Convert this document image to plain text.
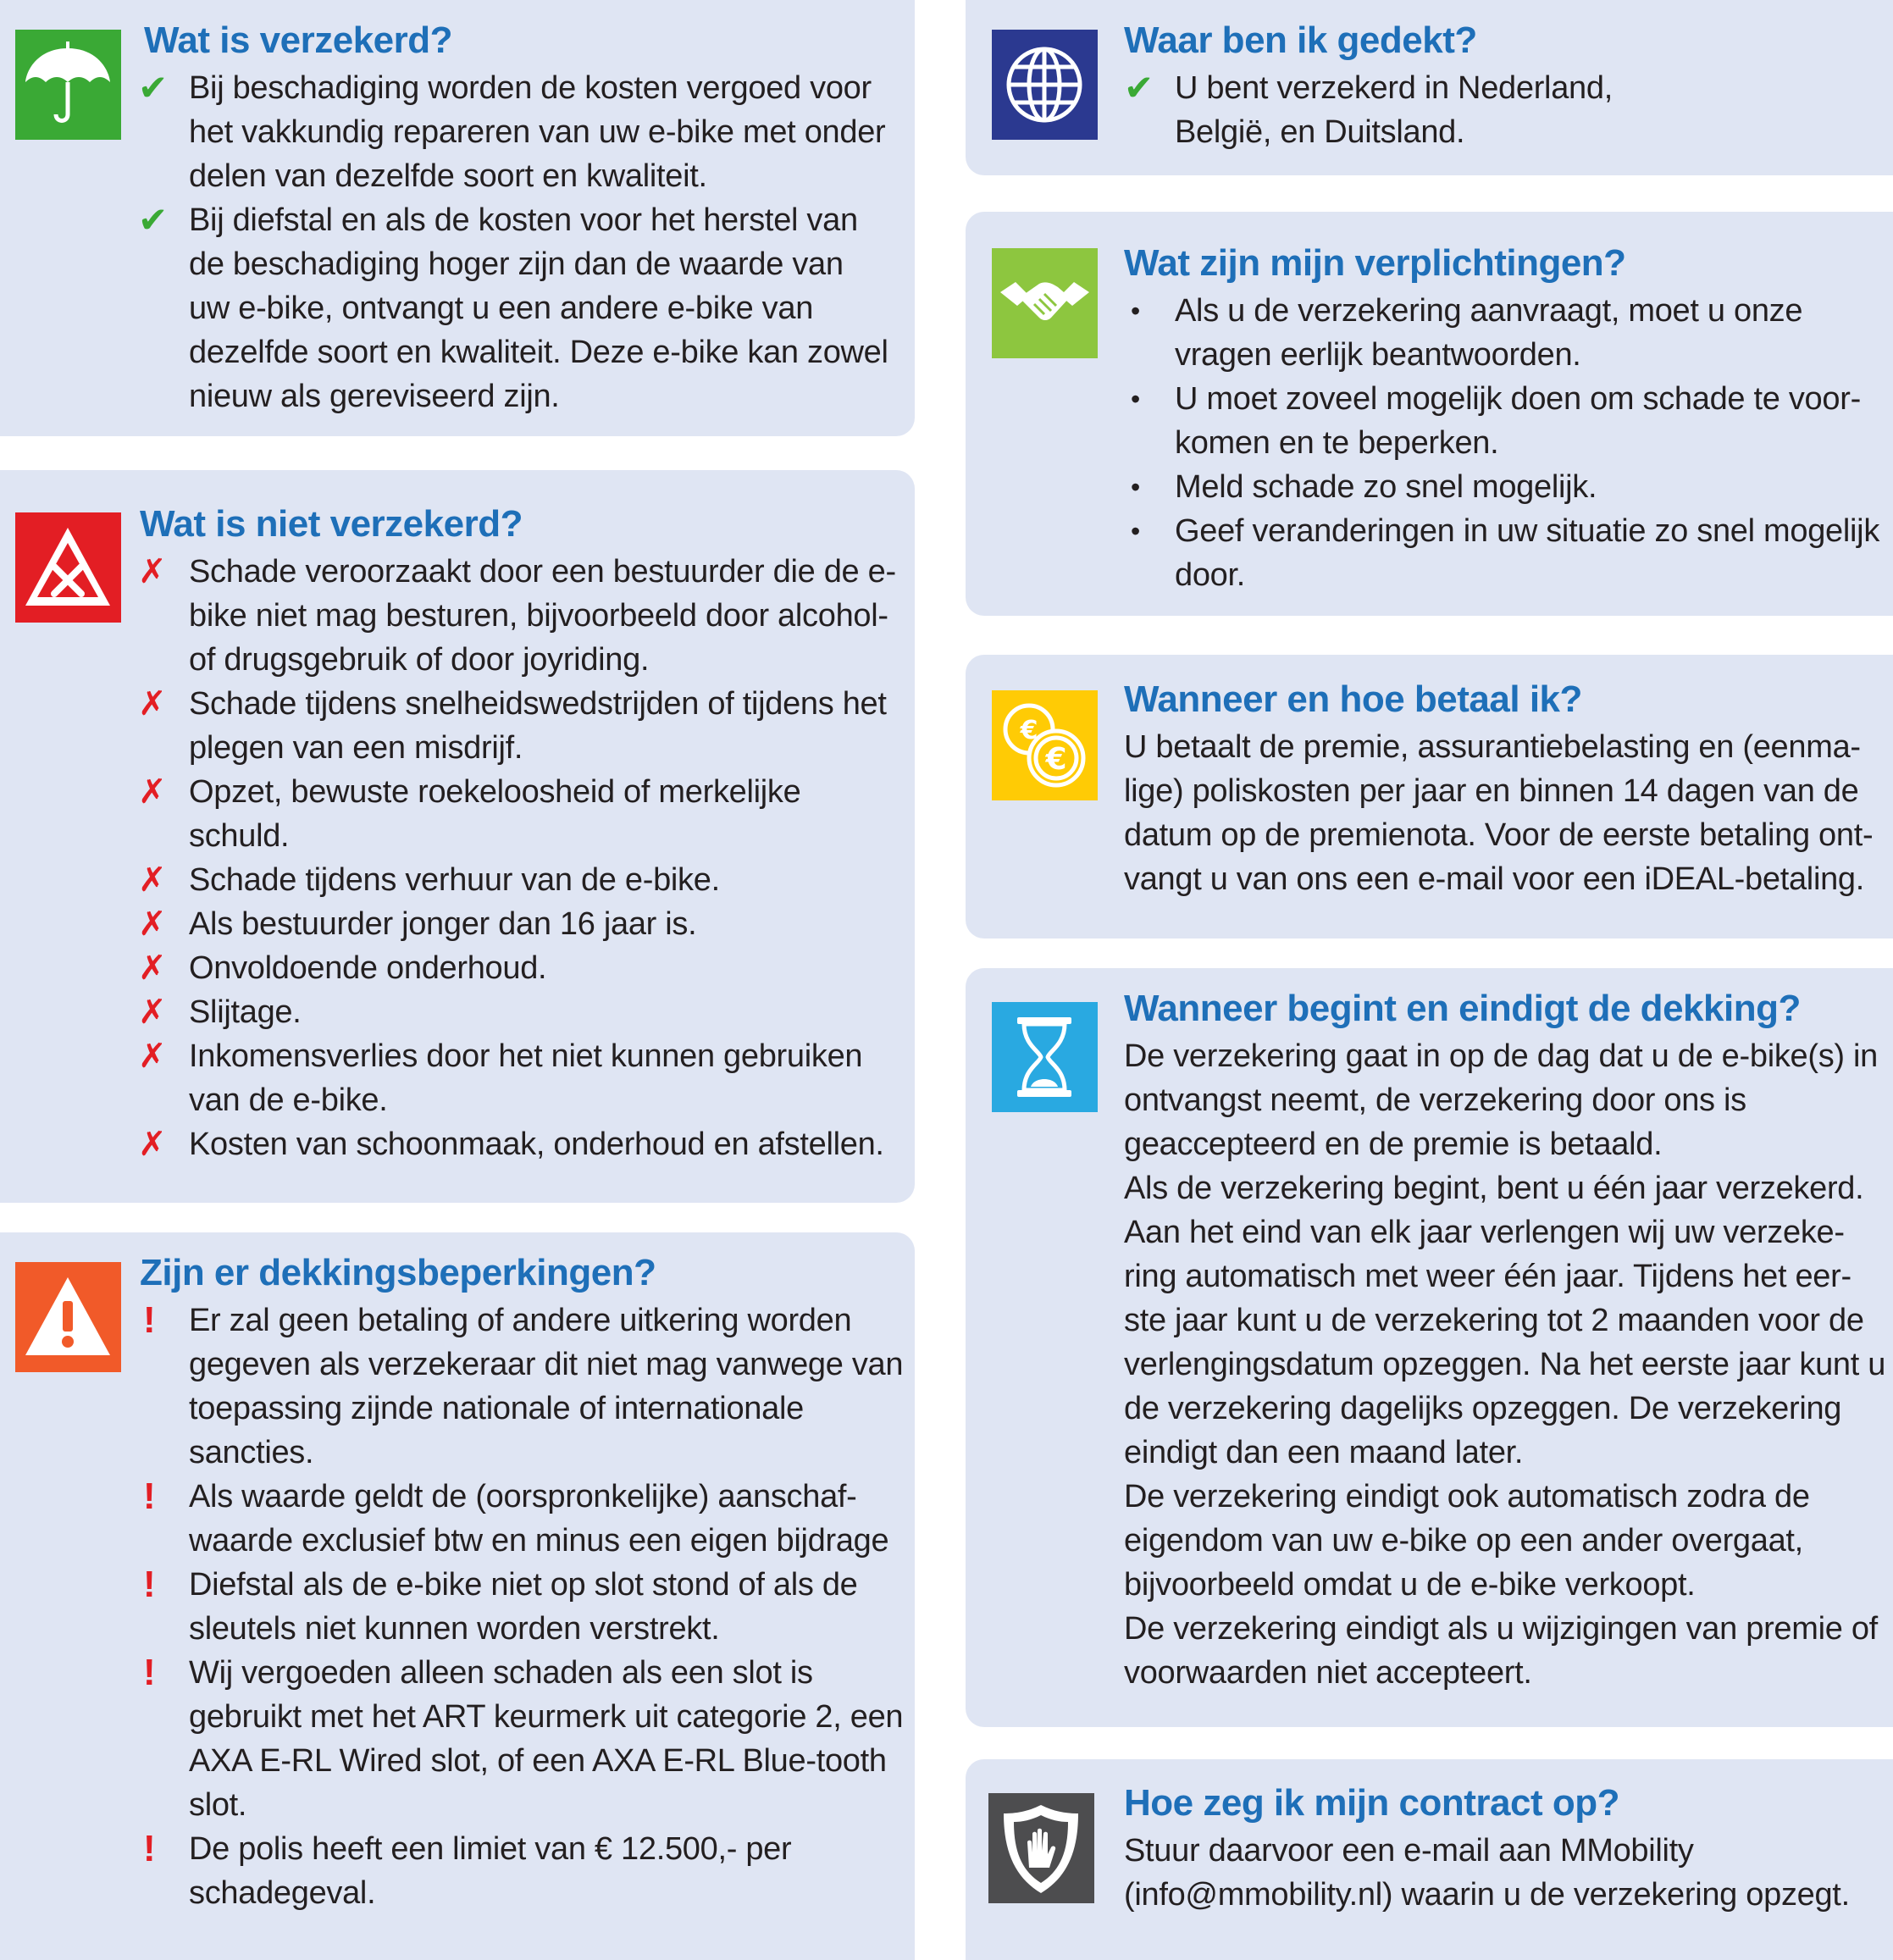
Wat is verzekerd?
✔ Bij beschadiging worden de kosten vergoed voor het vakkundig repareren van uw e-bike met onder delen van dezelfde soort en kwaliteit.
✔ Bij diefstal en als de kosten voor het herstel van de beschadiging hoger zijn dan de waarde van uw e-bike, ontvangt u een andere e-bike van dezelfde soort en kwaliteit. Deze e-bike kan zowel nieuw als gereviseerd zijn.
Wat is niet verzekerd?
✗ Schade veroorzaakt door een bestuurder die de e-bike niet mag besturen, bijvoorbeeld door alcohol- of drugsgebruik of door joyriding.
✗ Schade tijdens snelheidswedstrijden of tijdens het plegen van een misdrijf.
✗ Opzet, bewuste roekeloosheid of merkelijke schuld.
✗ Schade tijdens verhuur van de e-bike.
✗ Als bestuurder jonger dan 16 jaar is.
✗ Onvoldoende onderhoud.
✗ Slijtage.
✗ Inkomensverlies door het niet kunnen gebruiken van de e-bike.
✗ Kosten van schoonmaak, onderhoud en afstellen.
Zijn er dekkingsbeperkingen?
!	Er zal geen betaling of andere uitkering worden gegeven als verzekeraar dit niet mag vanwege van toepassing zijnde nationale of internationale sancties.
!	Als waarde geldt de (oorspronkelijke) aanschaf-waarde exclusief btw en minus een eigen bijdrage
!	Diefstal als de e-bike niet op slot stond of als de sleutels niet kunnen worden verstrekt.
!	Wij vergoeden alleen schaden als een slot is gebruikt met het ART keurmerk uit categorie 2, een AXA E-RL Wired slot, of een AXA E-RL Blue-tooth slot.
!	De polis heeft een limiet van € 12.500,- per schadegeval.
Waar ben ik gedekt?
✔ U bent verzekerd in Nederland, België, en Duitsland.
Wat zijn mijn verplichtingen?
•	Als u de verzekering aanvraagt, moet u onze vragen eerlijk beantwoorden.
•	U moet zoveel mogelijk doen om schade te voor-komen en te beperken.
•	Meld schade zo snel mogelijk.
•	Geef veranderingen in uw situatie zo snel mogelijk door.
€
€
Wanneer en hoe betaal ik?

U betaalt de premie, assurantiebelasting en (eenma-lige) poliskosten per jaar en binnen 14 dagen van de datum op de premienota. Voor de eerste betaling ont-vangt u van ons een e-mail voor een iDEAL-betaling.

Wanneer begint en eindigt de dekking?

De verzekering gaat in op de dag dat u de e-bike(s) in ontvangst neemt, de verzekering door ons is geaccepteerd en de premie is betaald.

Als de verzekering begint, bent u één jaar verzekerd. Aan het eind van elk jaar verlengen wij uw verzeke-ring automatisch met weer één jaar. Tijdens het eer-ste jaar kunt u de verzekering tot 2 maanden voor de verlengingsdatum opzeggen. Na het eerste jaar kunt u de verzekering dagelijks opzeggen. De verzekering eindigt dan een maand later.

De verzekering eindigt ook automatisch zodra de eigendom van uw e-bike op een ander overgaat, bijvoorbeeld omdat u de e-bike verkoopt.

De verzekering eindigt als u wijzigingen van premie of voorwaarden niet accepteert.

Hoe zeg ik mijn contract op?

Stuur daarvoor een e-mail aan MMobility (info@mmobility.nl) waarin u de verzekering opzegt.
